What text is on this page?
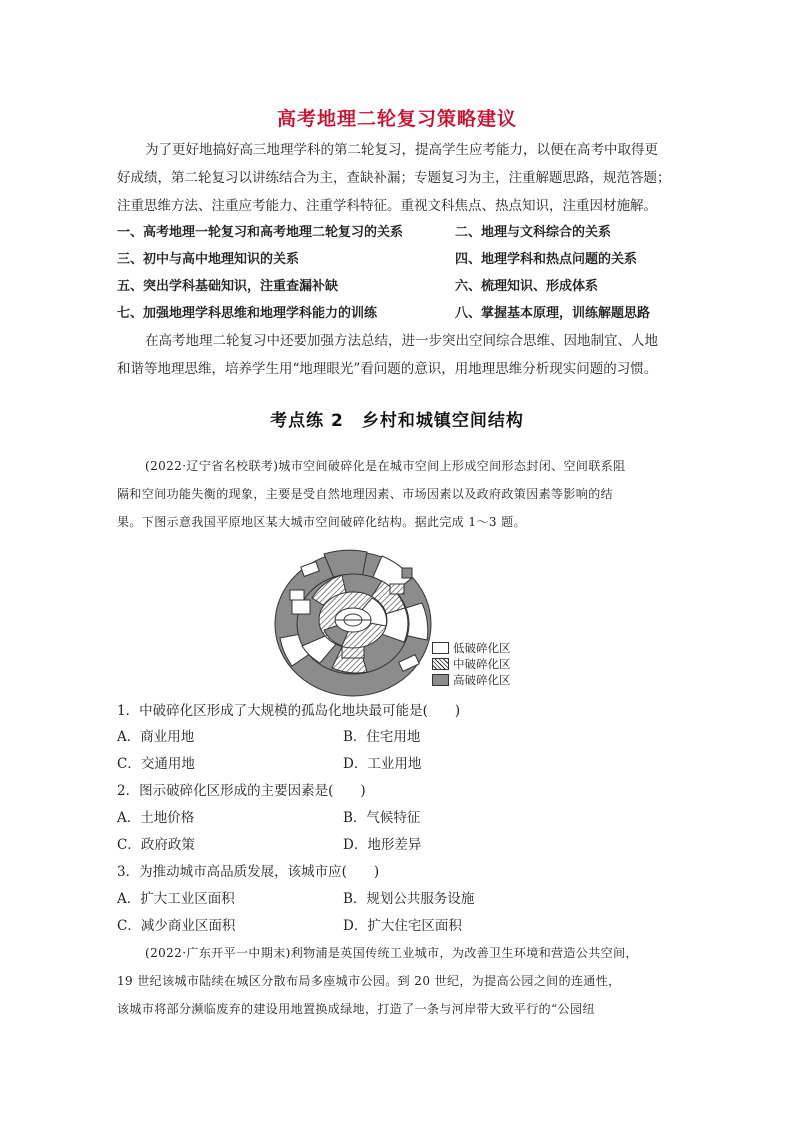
高考地理二轮复习策略建议
为了更好地搞好高三地理学科的第二轮复习，提高学生应考能力，以便在高考中取得更
好成绩，第二轮复习以讲练结合为主，查缺补漏；专题复习为主，注重解题思路，规范答题；
注重思维方法、注重应考能力、注重学科特征。重视文科焦点、热点知识，注重因材施解。
一、高考地理一轮复习和高考地理二轮复习的关系	二、地理与文科综合的关系
三、初中与高中地理知识的关系	四、地理学科和热点问题的关系
五、突出学科基础知识，注重查漏补缺	六、梳理知识、形成体系
七、加强地理学科思维和地理学科能力的训练	八、掌握基本原理，训练解题思路
在高考地理二轮复习中还要加强方法总结，进一步突出空间综合思维、因地制宜、人地
和谐等地理思维，培养学生用“地理眼光”看问题的意识，用地理思维分析现实问题的习惯。
考点练 2　乡村和城镇空间结构
(2022·辽宁省名校联考)城市空间破碎化是在城市空间上形成空间形态封闭、空间联系阻
隔和空间功能失衡的现象，主要是受自然地理因素、市场因素以及政府政策因素等影响的结
果。下图示意我国平原地区某大城市空间破碎化结构。据此完成 1～3 题。
低破碎化区
中破碎化区
高破碎化区
1．中破碎化区形成了大规模的孤岛化地块最可能是(　　)
A．商业用地	B．住宅用地
C．交通用地	D．工业用地
2．图示破碎化区形成的主要因素是(　　)
A．土地价格	B．气候特征
C．政府政策	D．地形差异
3．为推动城市高品质发展，该城市应(　　)
A．扩大工业区面积	B．规划公共服务设施
C．减少商业区面积	D．扩大住宅区面积
(2022·广东开平一中期末)利物浦是英国传统工业城市，为改善卫生环境和营造公共空间，
19 世纪该城市陆续在城区分散布局多座城市公园。到 20 世纪，为提高公园之间的连通性，
该城市将部分濒临废弃的建设用地置换成绿地，打造了一条与河岸带大致平行的“公园纽
